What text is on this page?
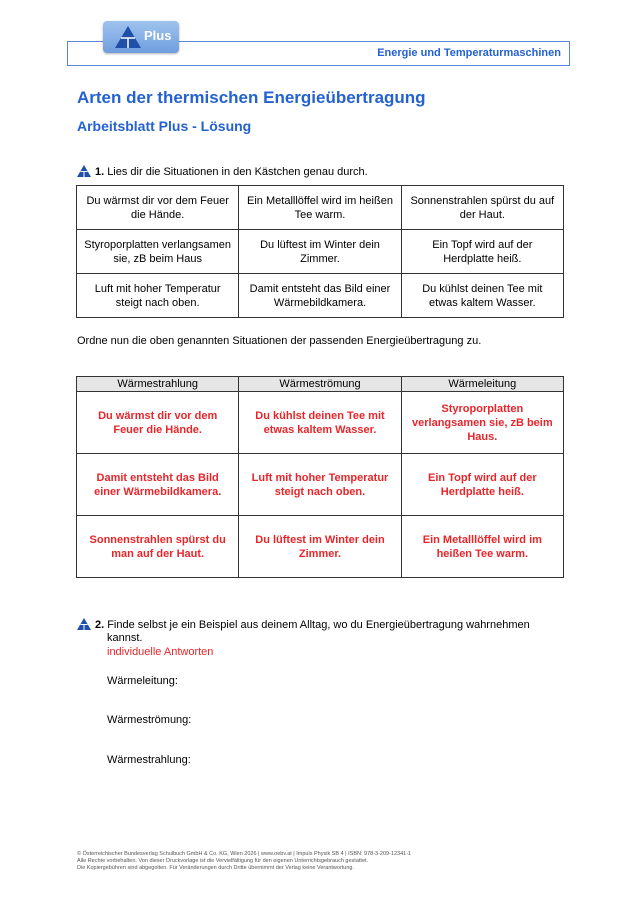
Energie und Temperaturmaschinen
Plus
Arten der thermischen Energieübertragung
Arbeitsblatt Plus - Lösung
1. Lies dir die Situationen in den Kästchen genau durch.
Du wärmst dir vor dem Feuer die Hände.	Ein Metalllöffel wird im heißen Tee warm.	Sonnenstrahlen spürst du auf der Haut.
Styroporplatten verlangsamen sie, zB beim Haus	Du lüftest im Winter dein Zimmer.	Ein Topf wird auf der Herdplatte heiß.
Luft mit hoher Temperatur steigt nach oben.	Damit entsteht das Bild einer Wärmebildkamera.	Du kühlst deinen Tee mit etwas kaltem Wasser.
Ordne nun die oben genannten Situationen der passenden Energieübertragung zu.
Wärmestrahlung	Wärmeströmung	Wärmeleitung
Du wärmst dir vor dem Feuer die Hände.	Du kühlst deinen Tee mit etwas kaltem Wasser.	Styroporplatten verlangsamen sie, zB beim Haus.
Damit entsteht das Bild einer Wärmebildkamera.	Luft mit hoher Temperatur steigt nach oben.	Ein Topf wird auf der Herdplatte heiß.
Sonnenstrahlen spürst du man auf der Haut.	Du lüftest im Winter dein Zimmer.	Ein Metalllöffel wird im heißen Tee warm.
2. Finde selbst je ein Beispiel aus deinem Alltag, wo du Energieübertragung wahrnehmen
kannst.
individuelle Antworten
Wärmeleitung:
Wärmeströmung:
Wärmestrahlung:
© Österreichischer Bundesverlag Schulbuch GmbH & Co. KG, Wien 2026 | www.oebv.at | Impuls Physik SB 4 | ISBN: 978-3-209-12341-1
Alle Rechte vorbehalten. Von dieser Druckvorlage ist die Vervielfältigung für den eigenen Unterrichtsgebrauch gestattet.
Die Kopiergebühren sind abgegolten. Für Veränderungen durch Dritte übernimmt der Verlag keine Verantwortung.
